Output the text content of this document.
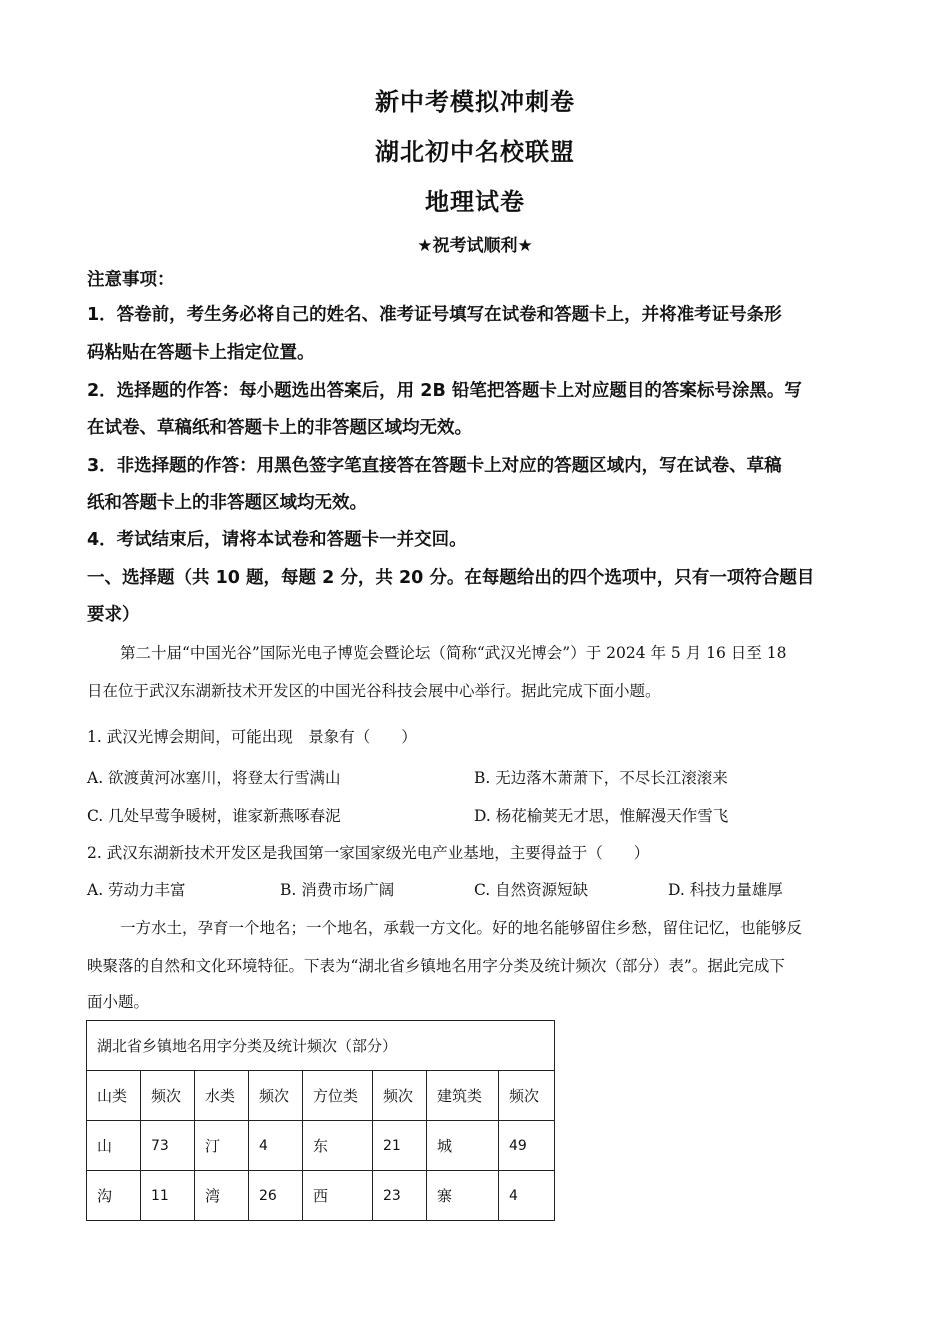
新中考模拟冲刺卷
湖北初中名校联盟
地理试卷
★祝考试顺利★
注意事项：
1．答卷前，考生务必将自己的姓名、准考证号填写在试卷和答题卡上，并将准考证号条形
码粘贴在答题卡上指定位置。
2．选择题的作答：每小题选出答案后，用 2B 铅笔把答题卡上对应题目的答案标号涂黑。写
在试卷、草稿纸和答题卡上的非答题区域均无效。
3．非选择题的作答：用黑色签字笔直接答在答题卡上对应的答题区域内，写在试卷、草稿
纸和答题卡上的非答题区域均无效。
4．考试结束后，请将本试卷和答题卡一并交回。
一、选择题（共 10 题，每题 2 分，共 20 分。在每题给出的四个选项中，只有一项符合题目
要求）
第二十届“中国光谷”国际光电子博览会暨论坛（简称“武汉光博会”）于 2024 年 5 月 16 日至 18
日在位于武汉东湖新技术开发区的中国光谷科技会展中心举行。据此完成下面小题。
1. 武汉光博会期间，可能出现　景象有（　　）
A. 欲渡黄河冰塞川，将登太行雪满山	B. 无边落木萧萧下，不尽长江滚滚来
C. 几处早莺争暖树，谁家新燕啄春泥	D. 杨花榆荚无才思，惟解漫天作雪飞
2. 武汉东湖新技术开发区是我国第一家国家级光电产业基地，主要得益于（　　）
A. 劳动力丰富	B. 消费市场广阔	C. 自然资源短缺	D. 科技力量雄厚
一方水土，孕育一个地名；一个地名，承载一方文化。好的地名能够留住乡愁，留住记忆，也能够反
映聚落的自然和文化环境特征。下表为“湖北省乡镇地名用字分类及统计频次（部分）表”。据此完成下
面小题。
湖北省乡镇地名用字分类及统计频次（部分）							
山类	频次	水类	频次	方位类	频次	建筑类	频次
山	73	汀	4	东	21	城	49
沟	11	湾	26	西	23	寨	4
